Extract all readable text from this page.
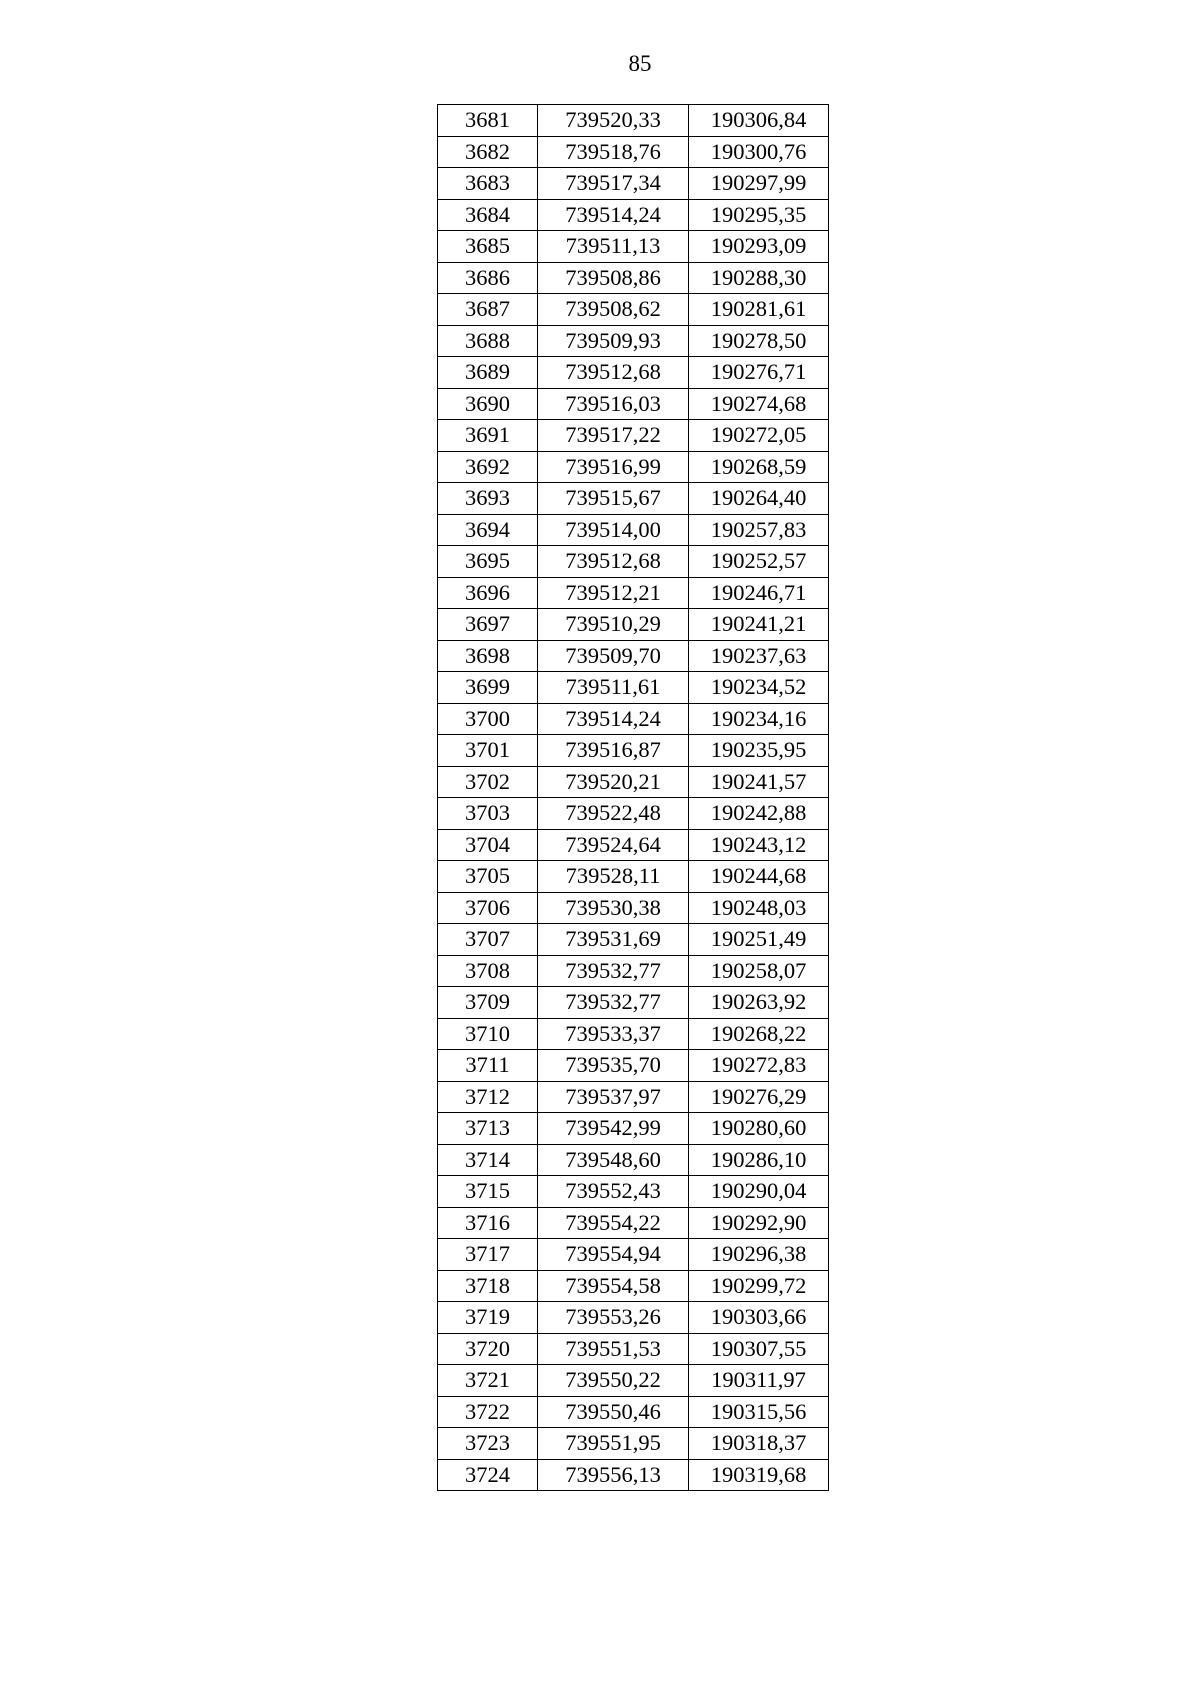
85
3681	739520,33	190306,84
3682	739518,76	190300,76
3683	739517,34	190297,99
3684	739514,24	190295,35
3685	739511,13	190293,09
3686	739508,86	190288,30
3687	739508,62	190281,61
3688	739509,93	190278,50
3689	739512,68	190276,71
3690	739516,03	190274,68
3691	739517,22	190272,05
3692	739516,99	190268,59
3693	739515,67	190264,40
3694	739514,00	190257,83
3695	739512,68	190252,57
3696	739512,21	190246,71
3697	739510,29	190241,21
3698	739509,70	190237,63
3699	739511,61	190234,52
3700	739514,24	190234,16
3701	739516,87	190235,95
3702	739520,21	190241,57
3703	739522,48	190242,88
3704	739524,64	190243,12
3705	739528,11	190244,68
3706	739530,38	190248,03
3707	739531,69	190251,49
3708	739532,77	190258,07
3709	739532,77	190263,92
3710	739533,37	190268,22
3711	739535,70	190272,83
3712	739537,97	190276,29
3713	739542,99	190280,60
3714	739548,60	190286,10
3715	739552,43	190290,04
3716	739554,22	190292,90
3717	739554,94	190296,38
3718	739554,58	190299,72
3719	739553,26	190303,66
3720	739551,53	190307,55
3721	739550,22	190311,97
3722	739550,46	190315,56
3723	739551,95	190318,37
3724	739556,13	190319,68
